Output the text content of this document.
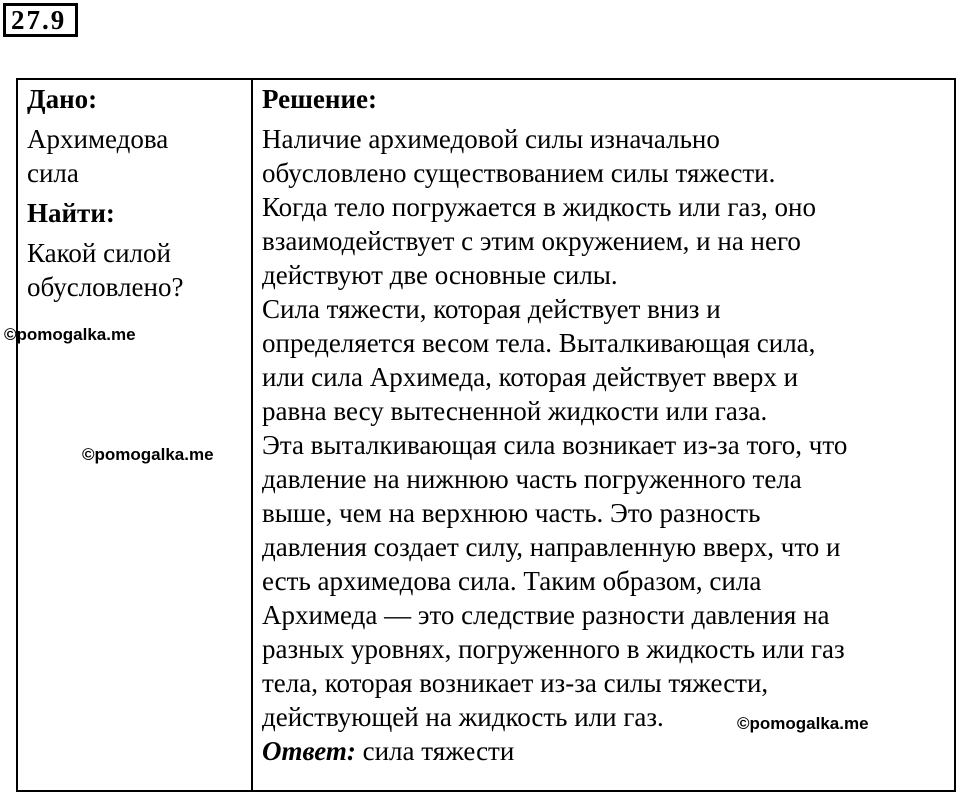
27.9
Дано:
Архимедова
сила
Найти:
Какой силой
обусловлено?
Решение:
Наличие архимедовой силы изначально
обусловлено существованием силы тяжести.
Когда тело погружается в жидкость или газ, оно
взаимодействует с этим окружением, и на него
действуют две основные силы.
Сила тяжести, которая действует вниз и
определяется весом тела. Выталкивающая сила,
или сила Архимеда, которая действует вверх и
равна весу вытесненной жидкости или газа.
Эта выталкивающая сила возникает из-за того, что
давление на нижнюю часть погруженного тела
выше, чем на верхнюю часть. Это разность
давления создает силу, направленную вверх, что и
есть архимедова сила. Таким образом, сила
Архимеда — это следствие разности давления на
разных уровнях, погруженного в жидкость или газ
тела, которая возникает из-за силы тяжести,
действующей на жидкость или газ.
Ответ: сила тяжести
©pomogalka.me
©pomogalka.me
©pomogalka.me
